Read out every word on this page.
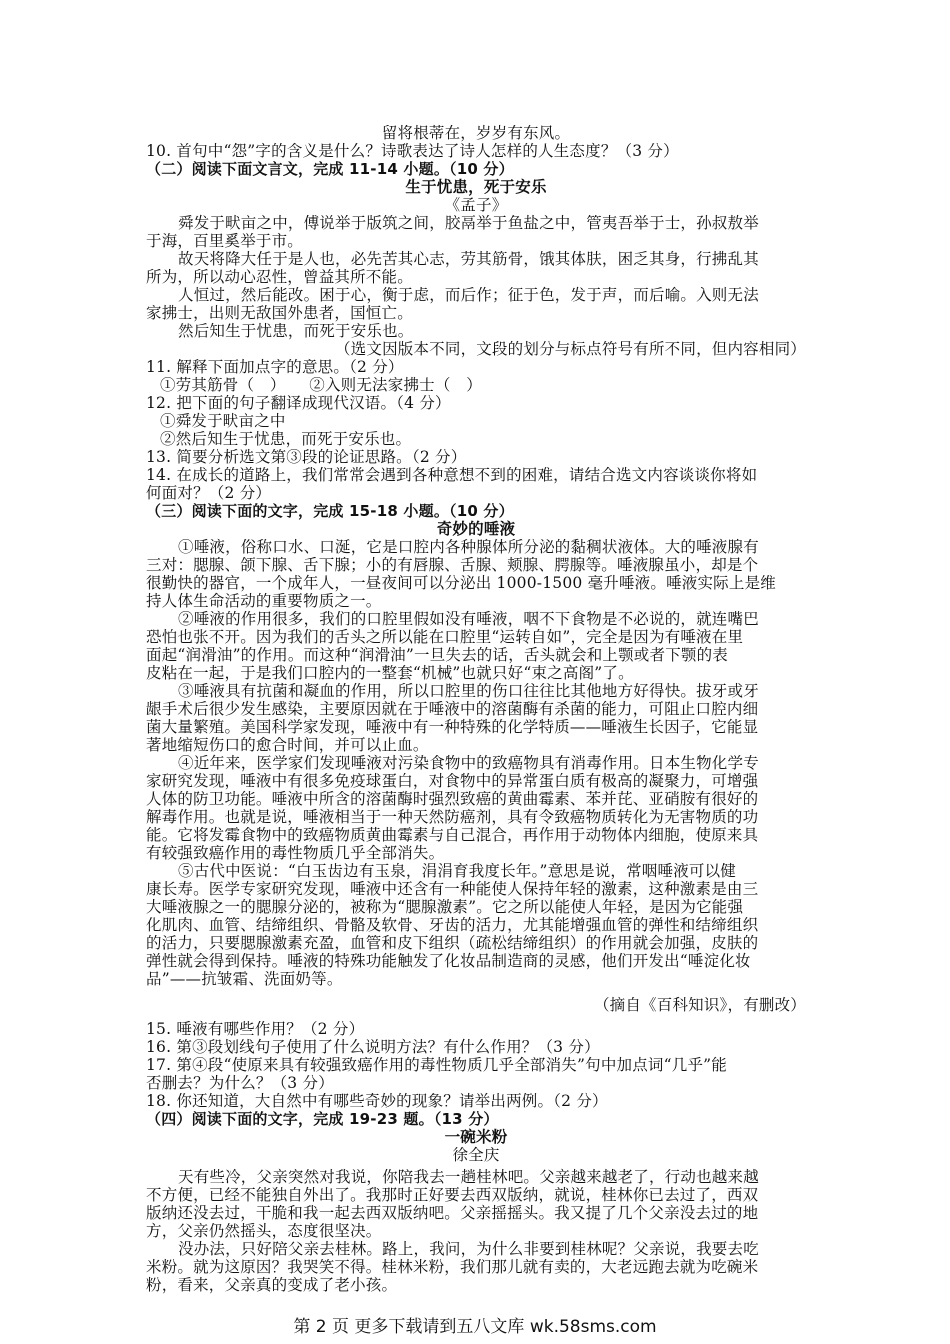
留将根蒂在，岁岁有东风。
10. 首句中“怨”字的含义是什么？诗歌表达了诗人怎样的人生态度？（3 分）
（二）阅读下面文言文，完成 11-14 小题。（10 分）
生于忧患，死于安乐
《孟子》
舜发于畎亩之中，傅说举于版筑之间，胶鬲举于鱼盐之中，管夷吾举于士，孙叔敖举
于海，百里奚举于市。
故天将降大任于是人也，必先苦其心志，劳其筋骨，饿其体肤，困乏其身，行拂乱其
所为，所以动心忍性，曾益其所不能。
人恒过，然后能改。困于心，衡于虑，而后作；征于色，发于声，而后喻。入则无法
家拂士，出则无敌国外患者，国恒亡。
然后知生于忧患，而死于安乐也。
（选文因版本不同，文段的划分与标点符号有所不同，但内容相同）
11. 解释下面加点字的意思。（2 分）
①劳其筋骨（　）　　②入则无法家拂士（　）
12. 把下面的句子翻译成现代汉语。（4 分）
①舜发于畎亩之中
②然后知生于忧患，而死于安乐也。
13. 简要分析选文第③段的论证思路。（2 分）
14. 在成长的道路上，我们常常会遇到各种意想不到的困难，请结合选文内容谈谈你将如
何面对？（2 分）
（三）阅读下面的文字，完成 15-18 小题。（10 分）
奇妙的唾液
①唾液，俗称口水、口涎，它是口腔内各种腺体所分泌的黏稠状液体。大的唾液腺有
三对：腮腺、颌下腺、舌下腺；小的有唇腺、舌腺、颊腺、腭腺等。唾液腺虽小，却是个
很勤快的器官，一个成年人，一昼夜间可以分泌出 1000-1500 毫升唾液。唾液实际上是维
持人体生命活动的重要物质之一。
②唾液的作用很多，我们的口腔里假如没有唾液，咽不下食物是不必说的，就连嘴巴
恐怕也张不开。因为我们的舌头之所以能在口腔里“运转自如”，完全是因为有唾液在里
面起“润滑油”的作用。而这种“润滑油”一旦失去的话，舌头就会和上颚或者下颚的表
皮粘在一起，于是我们口腔内的一整套“机械”也就只好“束之高阁”了。
③唾液具有抗菌和凝血的作用，所以口腔里的伤口往往比其他地方好得快。拔牙或牙
龈手术后很少发生感染，主要原因就在于唾液中的溶菌酶有杀菌的能力，可阻止口腔内细
菌大量繁殖。美国科学家发现，唾液中有一种特殊的化学特质——唾液生长因子，它能显
著地缩短伤口的愈合时间，并可以止血。
④近年来，医学家们发现唾液对污染食物中的致癌物具有消毒作用。日本生物化学专
家研究发现，唾液中有很多免疫球蛋白，对食物中的异常蛋白质有极高的凝聚力，可增强
人体的防卫功能。唾液中所含的溶菌酶时强烈致癌的黄曲霉素、苯并芘、亚硝胺有很好的
解毒作用。也就是说，唾液相当于一种天然防癌剂，具有令致癌物质转化为无害物质的功
能。它将发霉食物中的致癌物质黄曲霉素与自己混合，再作用于动物体内细胞，使原来具
有较强致癌作用的毒性物质几乎全部消失。
⑤古代中医说：“白玉齿边有玉泉，涓涓育我度长年。”意思是说，常咽唾液可以健
康长寿。医学专家研究发现，唾液中还含有一种能使人保持年轻的激素，这种激素是由三
大唾液腺之一的腮腺分泌的，被称为“腮腺激素”。它之所以能使人年轻，是因为它能强
化肌肉、血管、结缔组织、骨骼及软骨、牙齿的活力，尤其能增强血管的弹性和结缔组织
的活力，只要腮腺激素充盈，血管和皮下组织（疏松结缔组织）的作用就会加强，皮肤的
弹性就会得到保持。唾液的特殊功能触发了化妆品制造商的灵感，他们开发出“唾淀化妆
品”——抗皱霜、洗面奶等。
（摘自《百科知识》，有删改）
15. 唾液有哪些作用？（2 分）
16. 第③段划线句子使用了什么说明方法？有什么作用？（3 分）
17. 第④段“使原来具有较强致癌作用的毒性物质几乎全部消失”句中加点词“几乎”能
否删去？为什么？（3 分）
18. 你还知道，大自然中有哪些奇妙的现象？请举出两例。（2 分）
（四）阅读下面的文字，完成 19-23 题。（13 分）
一碗米粉
徐全庆
天有些冷，父亲突然对我说，你陪我去一趟桂林吧。父亲越来越老了，行动也越来越
不方便，已经不能独自外出了。我那时正好要去西双版纳，就说，桂林你已去过了，西双
版纳还没去过，干脆和我一起去西双版纳吧。父亲摇摇头。我又提了几个父亲没去过的地
方，父亲仍然摇头，态度很坚决。
没办法，只好陪父亲去桂林。路上，我问，为什么非要到桂林呢？父亲说，我要去吃
米粉。就为这原因？我哭笑不得。桂林米粉，我们那儿就有卖的，大老远跑去就为吃碗米
粉，看来，父亲真的变成了老小孩。
第 2 页 更多下载请到五八文库 wk.58sms.com
